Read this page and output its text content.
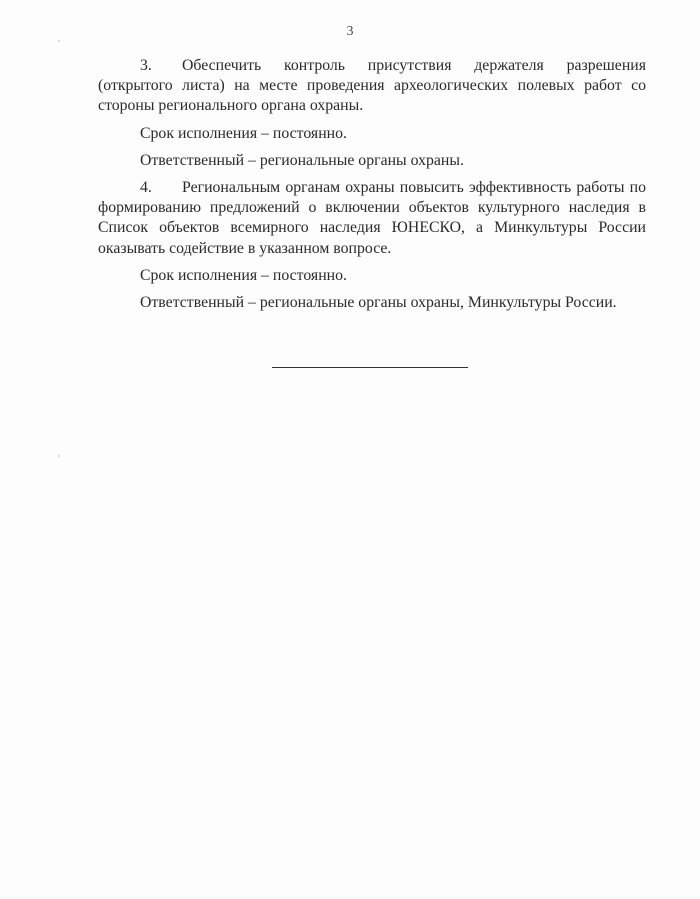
3

3. Обеспечить контроль присутствия держателя разрешения (открытого листа) на месте проведения археологических полевых работ со стороны регионального органа охраны.

Срок исполнения – постоянно.

Ответственный – региональные органы охраны.

4. Региональным органам охраны повысить эффективность работы по формированию предложений о включении объектов культурного наследия в Список объектов всемирного наследия ЮНЕСКО, а Минкультуры России оказывать содействие в указанном вопросе.

Срок исполнения – постоянно.

Ответственный – региональные органы охраны, Минкультуры России.
